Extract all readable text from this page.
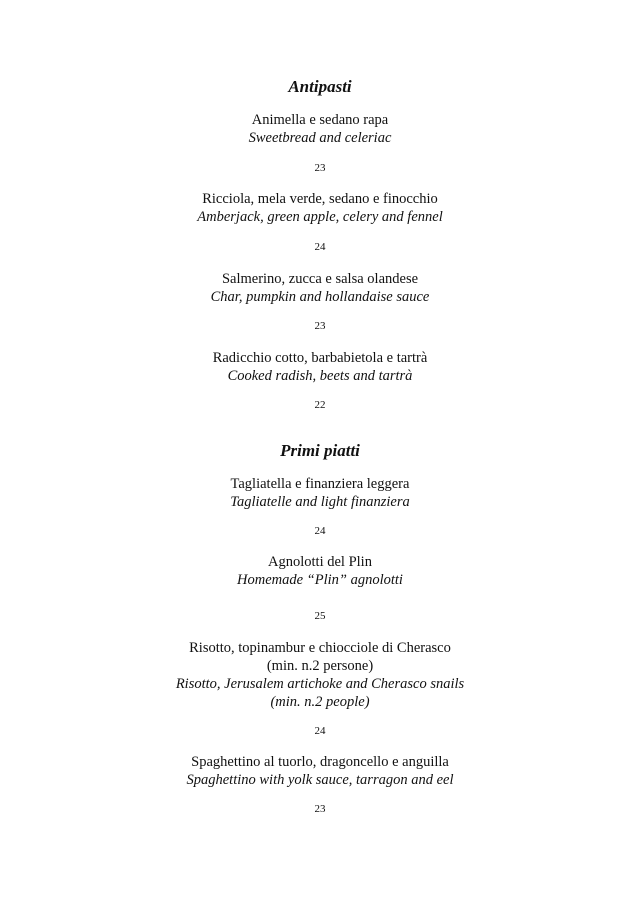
Antipasti
Animella e sedano rapa
Sweetbread and celeriac
23
Ricciola, mela verde, sedano e finocchio
Amberjack, green apple, celery and fennel
24
Salmerino, zucca e salsa olandese
Char, pumpkin and hollandaise sauce
23
Radicchio cotto, barbabietola e tartrà
Cooked radish, beets and tartrà
22
Primi piatti
Tagliatella e finanziera leggera
Tagliatelle and light finanziera
24
Agnolotti del Plin
Homemade “Plin” agnolotti
25
Risotto, topinambur e chiocciole di Cherasco
(min. n.2 persone)
Risotto, Jerusalem artichoke and Cherasco snails
(min. n.2 people)
24
Spaghettino al tuorlo, dragoncello e anguilla
Spaghettino with yolk sauce, tarragon and eel
23
